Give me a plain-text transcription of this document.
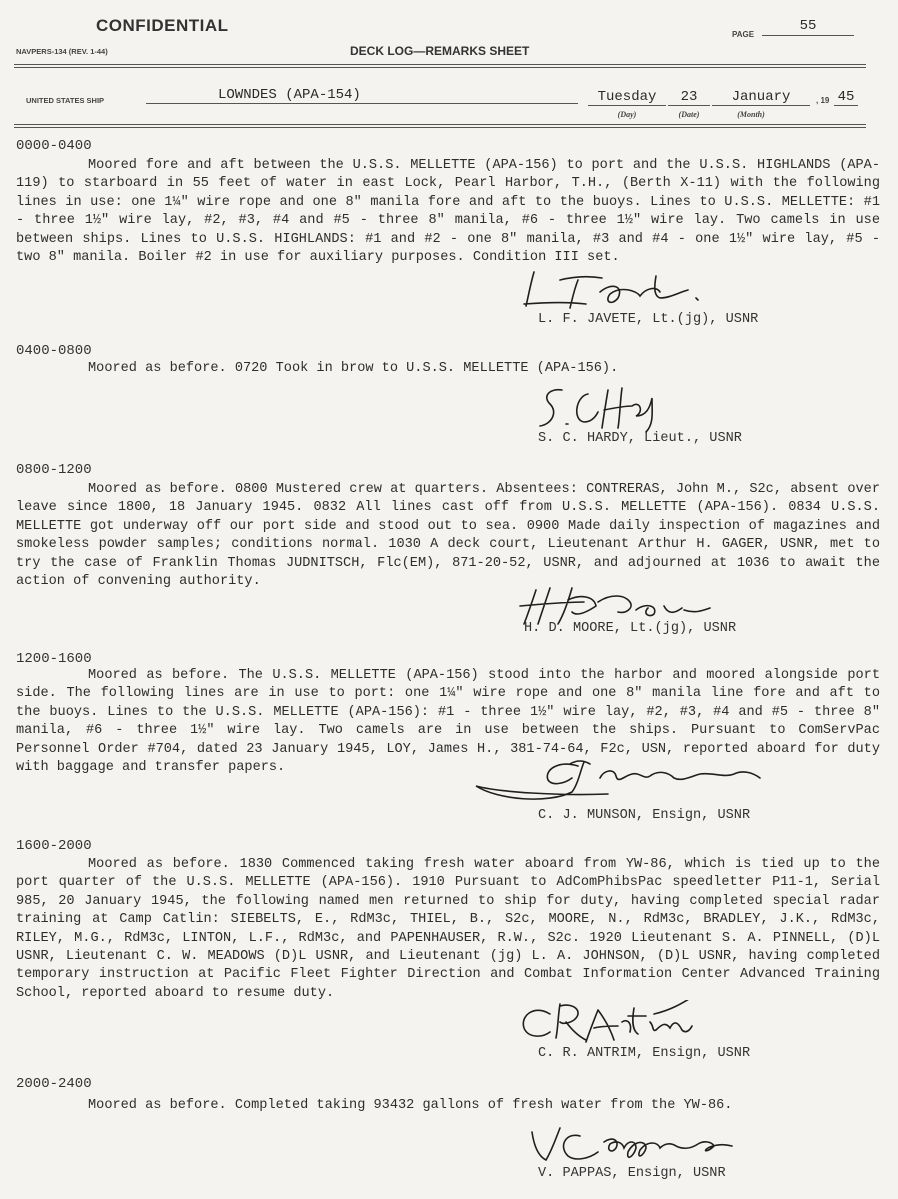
CONFIDENTIAL
NAVPERS-134 (REV. 1-44)	DECK LOG—REMARKS SHEET
PAGE
55
UNITED STATES SHIP	LOWNDES (APA-154)	Tuesday	23	January
(Day)	(Date)	(Month)
, 19 45
0000-0400
Moored fore and aft between the U.S.S. MELLETTE (APA-156) to port and the U.S.S. HIGHLANDS (APA-119) to starboard in 55 feet of water in east Lock, Pearl Harbor, T.H., (Berth X-11) with the following lines in use: one 1¼" wire rope and one 8" manila fore and aft to the buoys. Lines to U.S.S. MELLETTE: #1 - three 1½" wire lay, #2, #3, #4 and #5 - three 8" manila, #6 - three 1½" wire lay. Two camels in use between ships. Lines to U.S.S. HIGHLANDS: #1 and #2 - one 8" manila, #3 and #4 - one 1½" wire lay, #5 - two 8" manila. Boiler #2 in use for auxiliary purposes. Condition III set.
L. F. JAVETE, Lt.(jg), USNR
0400-0800
Moored as before. 0720 Took in brow to U.S.S. MELLETTE (APA-156).
S. C. HARDY, Lieut., USNR
0800-1200
Moored as before. 0800 Mustered crew at quarters. Absentees: CONTRERAS, John M., S2c, absent over leave since 1800, 18 January 1945. 0832 All lines cast off from U.S.S. MELLETTE (APA-156). 0834 U.S.S. MELLETTE got underway off our port side and stood out to sea. 0900 Made daily inspection of magazines and smokeless powder samples; conditions normal. 1030 A deck court, Lieutenant Arthur H. GAGER, USNR, met to try the case of Franklin Thomas JUDNITSCH, Flc(EM), 871-20-52, USNR, and adjourned at 1036 to await the action of convening authority.
H. D. MOORE, Lt.(jg), USNR
1200-1600
Moored as before. The U.S.S. MELLETTE (APA-156) stood into the harbor and moored alongside port side. The following lines are in use to port: one 1¼" wire rope and one 8" manila line fore and aft to the buoys. Lines to the U.S.S. MELLETTE (APA-156): #1 - three 1½" wire lay, #2, #3, #4 and #5 - three 8" manila, #6 - three 1½" wire lay. Two camels are in use between the ships. Pursuant to ComServPac Personnel Order #704, dated 23 January 1945, LOY, James H., 381-74-64, F2c, USN, reported aboard for duty with baggage and transfer papers.
C. J. MUNSON, Ensign, USNR
1600-2000
Moored as before. 1830 Commenced taking fresh water aboard from YW-86, which is tied up to the port quarter of the U.S.S. MELLETTE (APA-156). 1910 Pursuant to AdComPhibsPac speedletter P11-1, Serial 985, 20 January 1945, the following named men returned to ship for duty, having completed special radar training at Camp Catlin: SIEBELTS, E., RdM3c, THIEL, B., S2c, MOORE, N., RdM3c, BRADLEY, J.K., RdM3c, RILEY, M.G., RdM3c, LINTON, L.F., RdM3c, and PAPENHAUSER, R.W., S2c. 1920 Lieutenant S. A. PINNELL, (D)L USNR, Lieutenant C. W. MEADOWS (D)L USNR, and Lieutenant (jg) L. A. JOHNSON, (D)L USNR, having completed temporary instruction at Pacific Fleet Fighter Direction and Combat Information Center Advanced Training School, reported aboard to resume duty.
C. R. ANTRIM, Ensign, USNR
2000-2400
Moored as before. Completed taking 93432 gallons of fresh water from the YW-86.
V. PAPPAS, Ensign, USNR
